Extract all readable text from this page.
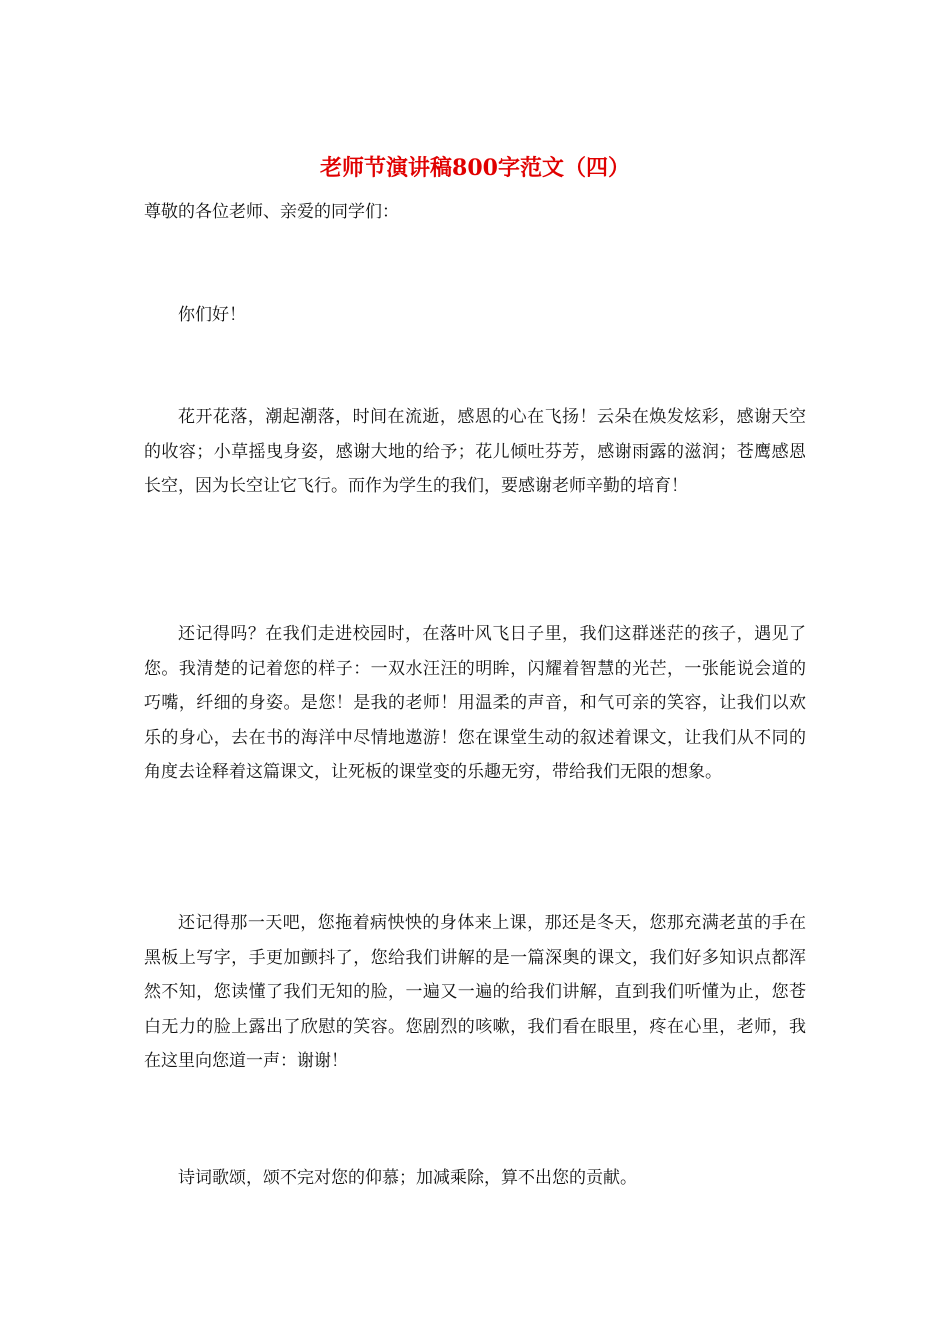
老师节演讲稿800字范文（四）

尊敬的各位老师、亲爱的同学们：

你们好！

花开花落，潮起潮落，时间在流逝，感恩的心在飞扬！云朵在焕发炫彩，感谢天空的收容；小草摇曳身姿，感谢大地的给予；花儿倾吐芬芳，感谢雨露的滋润；苍鹰感恩长空，因为长空让它飞行。而作为学生的我们，要感谢老师辛勤的培育！

还记得吗？在我们走进校园时，在落叶风飞日子里，我们这群迷茫的孩子，遇见了您。我清楚的记着您的样子：一双水汪汪的明眸，闪耀着智慧的光芒，一张能说会道的巧嘴，纤细的身姿。是您！是我的老师！用温柔的声音，和气可亲的笑容，让我们以欢乐的身心，去在书的海洋中尽情地遨游！您在课堂生动的叙述着课文，让我们从不同的角度去诠释着这篇课文，让死板的课堂变的乐趣无穷，带给我们无限的想象。

还记得那一天吧，您拖着病怏怏的身体来上课，那还是冬天，您那充满老茧的手在黑板上写字，手更加颤抖了，您给我们讲解的是一篇深奥的课文，我们好多知识点都浑然不知，您读懂了我们无知的脸，一遍又一遍的给我们讲解，直到我们听懂为止，您苍白无力的脸上露出了欣慰的笑容。您剧烈的咳嗽，我们看在眼里，疼在心里，老师，我在这里向您道一声：谢谢！

诗词歌颂，颂不完对您的仰慕；加减乘除，算不出您的贡献。
